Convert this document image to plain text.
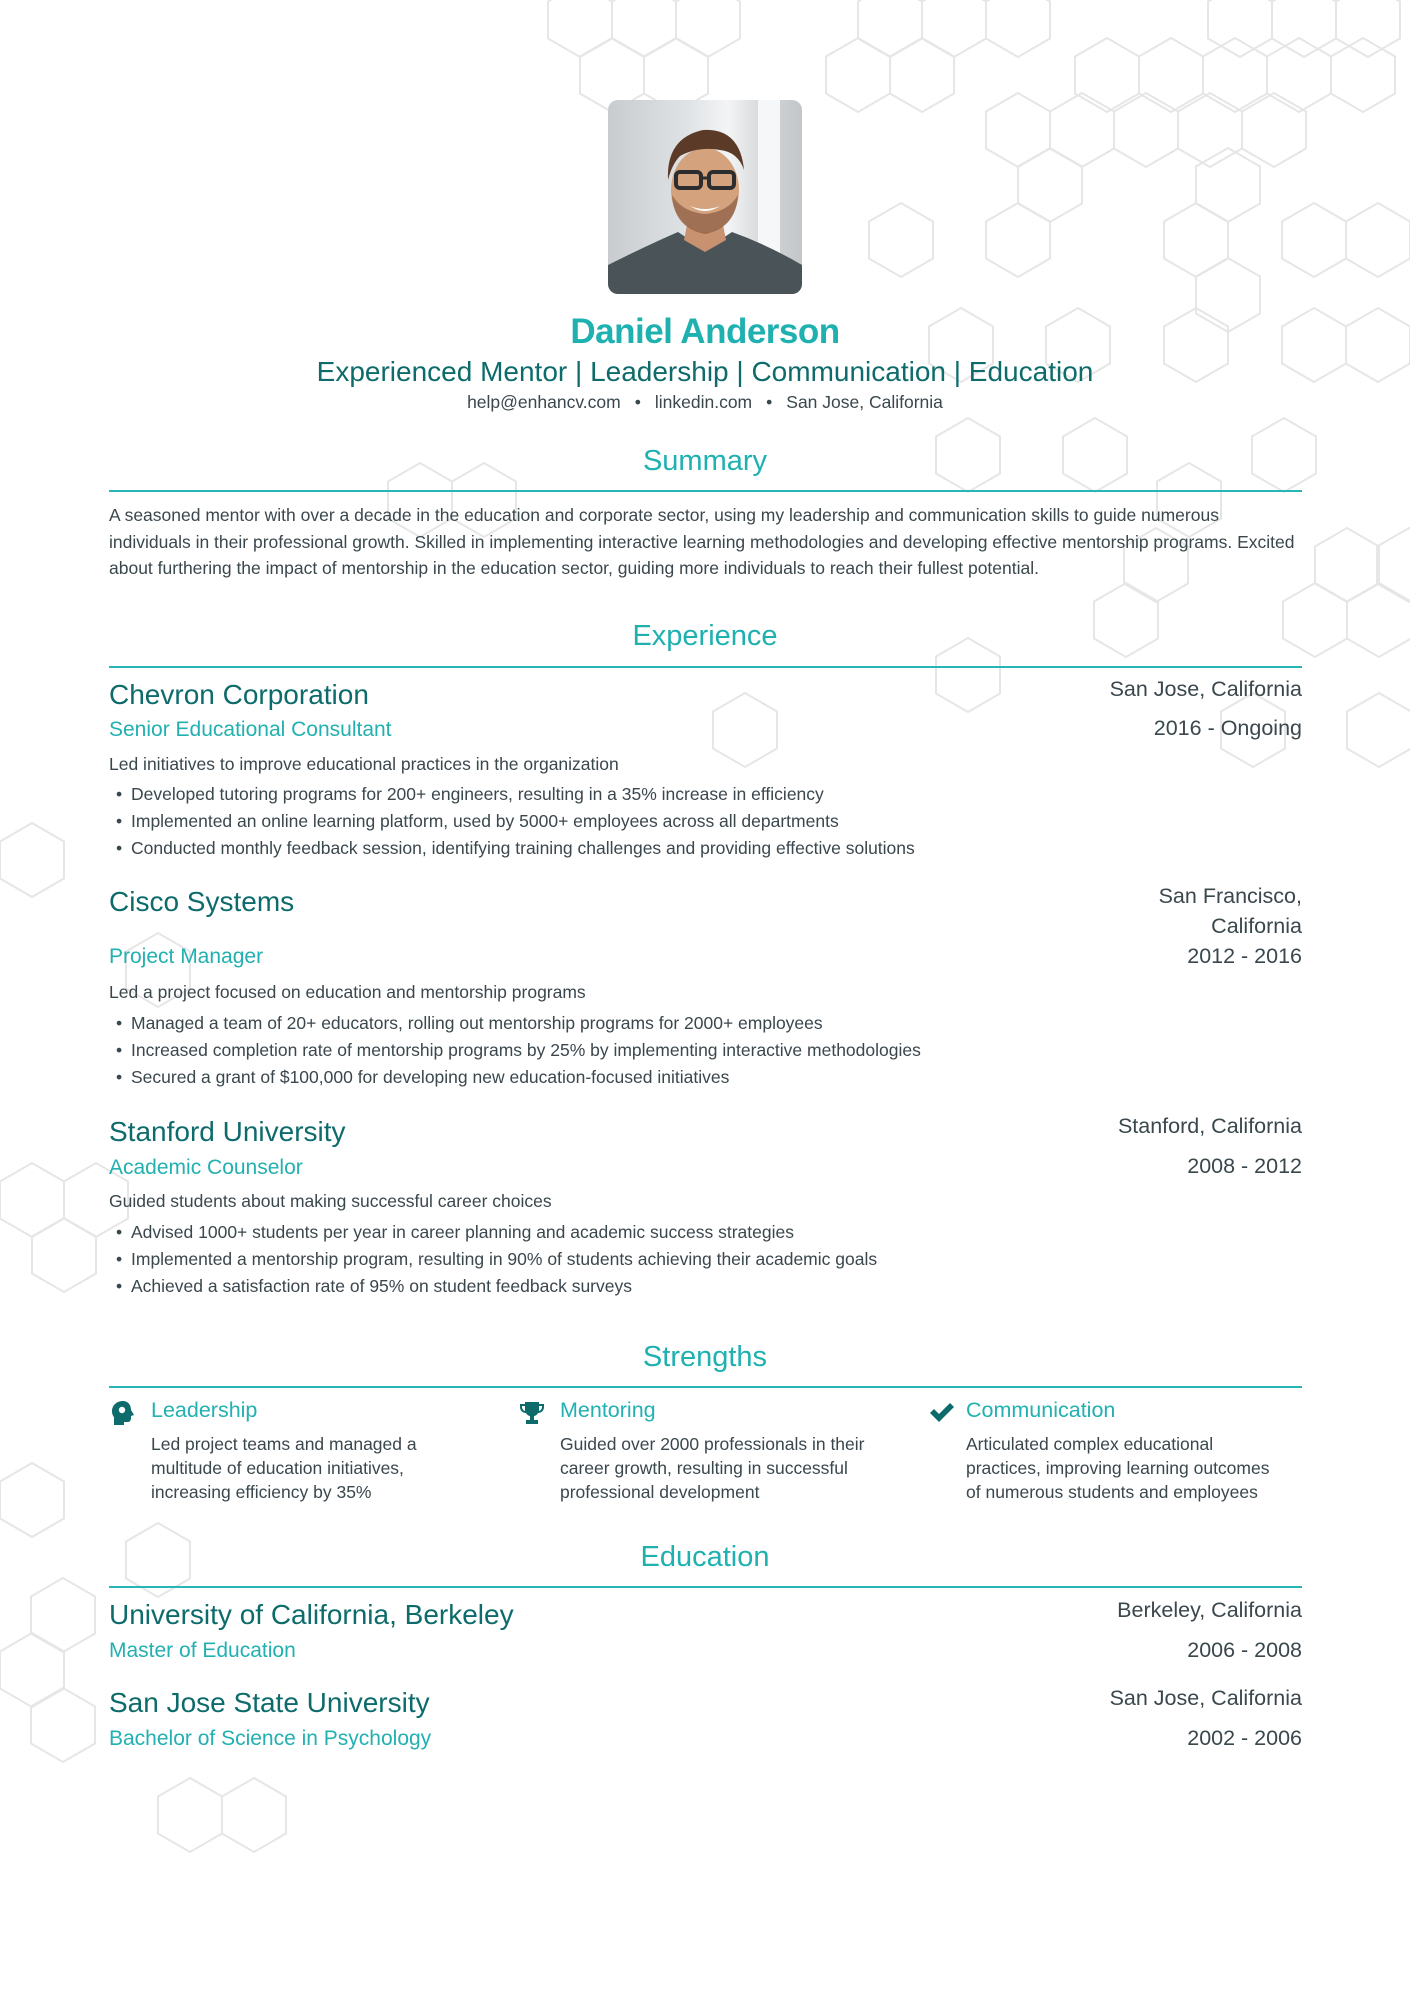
Daniel Anderson
Experienced Mentor | Leadership | Communication | Education
help@enhancv.com • linkedin.com • San Jose, California
Summary
A seasoned mentor with over a decade in the education and corporate sector, using my leadership and communication skills to guide numerous individuals in their professional growth. Skilled in implementing interactive learning methodologies and developing effective mentorship programs. Excited about furthering the impact of mentorship in the education sector, guiding more individuals to reach their fullest potential.
Experience
Chevron Corporation
Senior Educational Consultant
San Jose, California
2016 - Ongoing
Led initiatives to improve educational practices in the organization
• Developed tutoring programs for 200+ engineers, resulting in a 35% increase in efficiency
• Implemented an online learning platform, used by 5000+ employees across all departments
• Conducted monthly feedback session, identifying training challenges and providing effective solutions
Cisco Systems
Project Manager
San Francisco,
California
2012 - 2016
Led a project focused on education and mentorship programs
• Managed a team of 20+ educators, rolling out mentorship programs for 2000+ employees
• Increased completion rate of mentorship programs by 25% by implementing interactive methodologies
• Secured a grant of $100,000 for developing new education-focused initiatives
Stanford University
Academic Counselor
Stanford, California
2008 - 2012
Guided students about making successful career choices
• Advised 1000+ students per year in career planning and academic success strategies
• Implemented a mentorship program, resulting in 90% of students achieving their academic goals
• Achieved a satisfaction rate of 95% on student feedback surveys
Strengths
Leadership
Led project teams and managed a multitude of education initiatives, increasing efficiency by 35%
Mentoring
Guided over 2000 professionals in their career growth, resulting in successful professional development
Communication
Articulated complex educational practices, improving learning outcomes of numerous students and employees
Education
University of California, Berkeley
Master of Education
Berkeley, California
2006 - 2008
San Jose State University
Bachelor of Science in Psychology
San Jose, California
2002 - 2006
